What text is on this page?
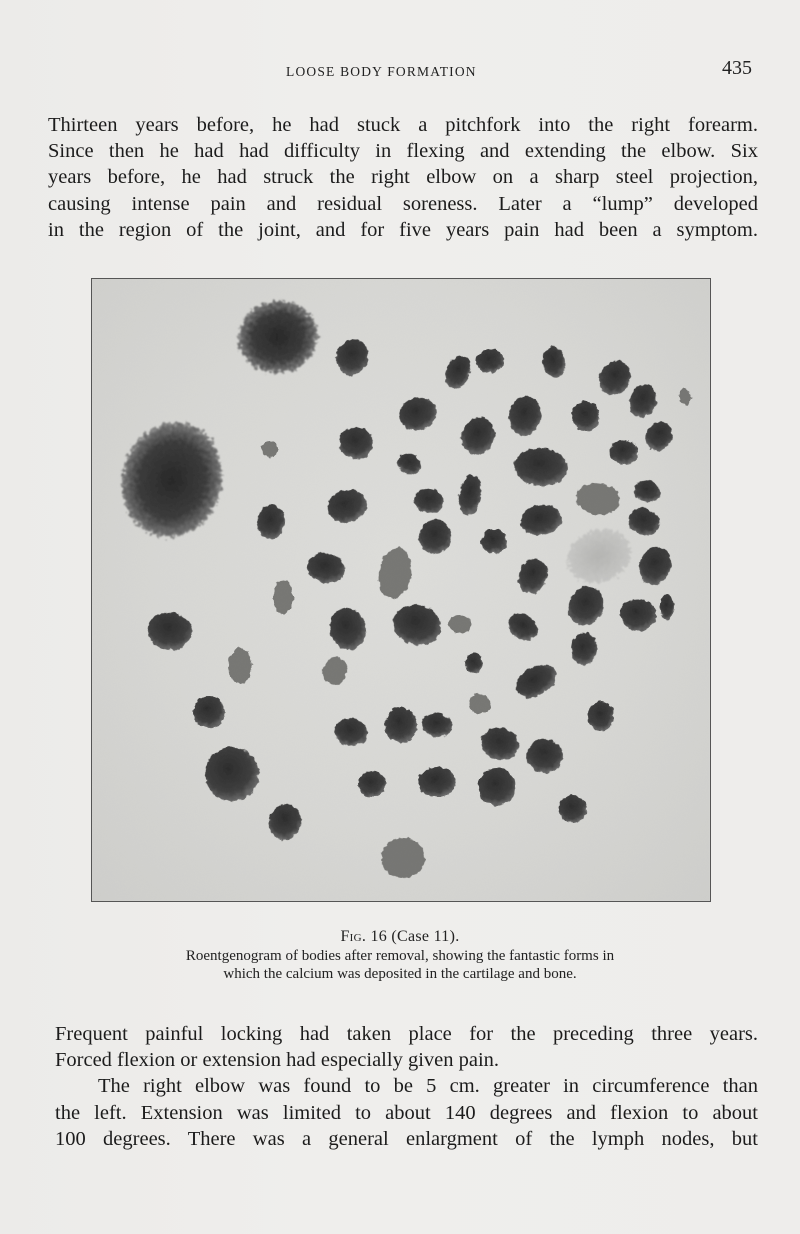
LOOSE BODY FORMATION	435
Thirteen years before, he had stuck a pitchfork into the right forearm.
Since then he had had difficulty in flexing and extending the elbow. Six
years before, he had struck the right elbow on a sharp steel projection,
causing intense pain and residual soreness. Later a “lump” developed
in the region of the joint, and for five years pain had been a symptom.
Fig. 16 (Case 11).
Roentgenogram of bodies after removal, showing the fantastic forms in
which the calcium was deposited in the cartilage and bone.
Frequent painful locking had taken place for the preceding three years.
Forced flexion or extension had especially given pain.
The right elbow was found to be 5 cm. greater in circumference than
the left. Extension was limited to about 140 degrees and flexion to about
100 degrees. There was a general enlargment of the lymph nodes, but
